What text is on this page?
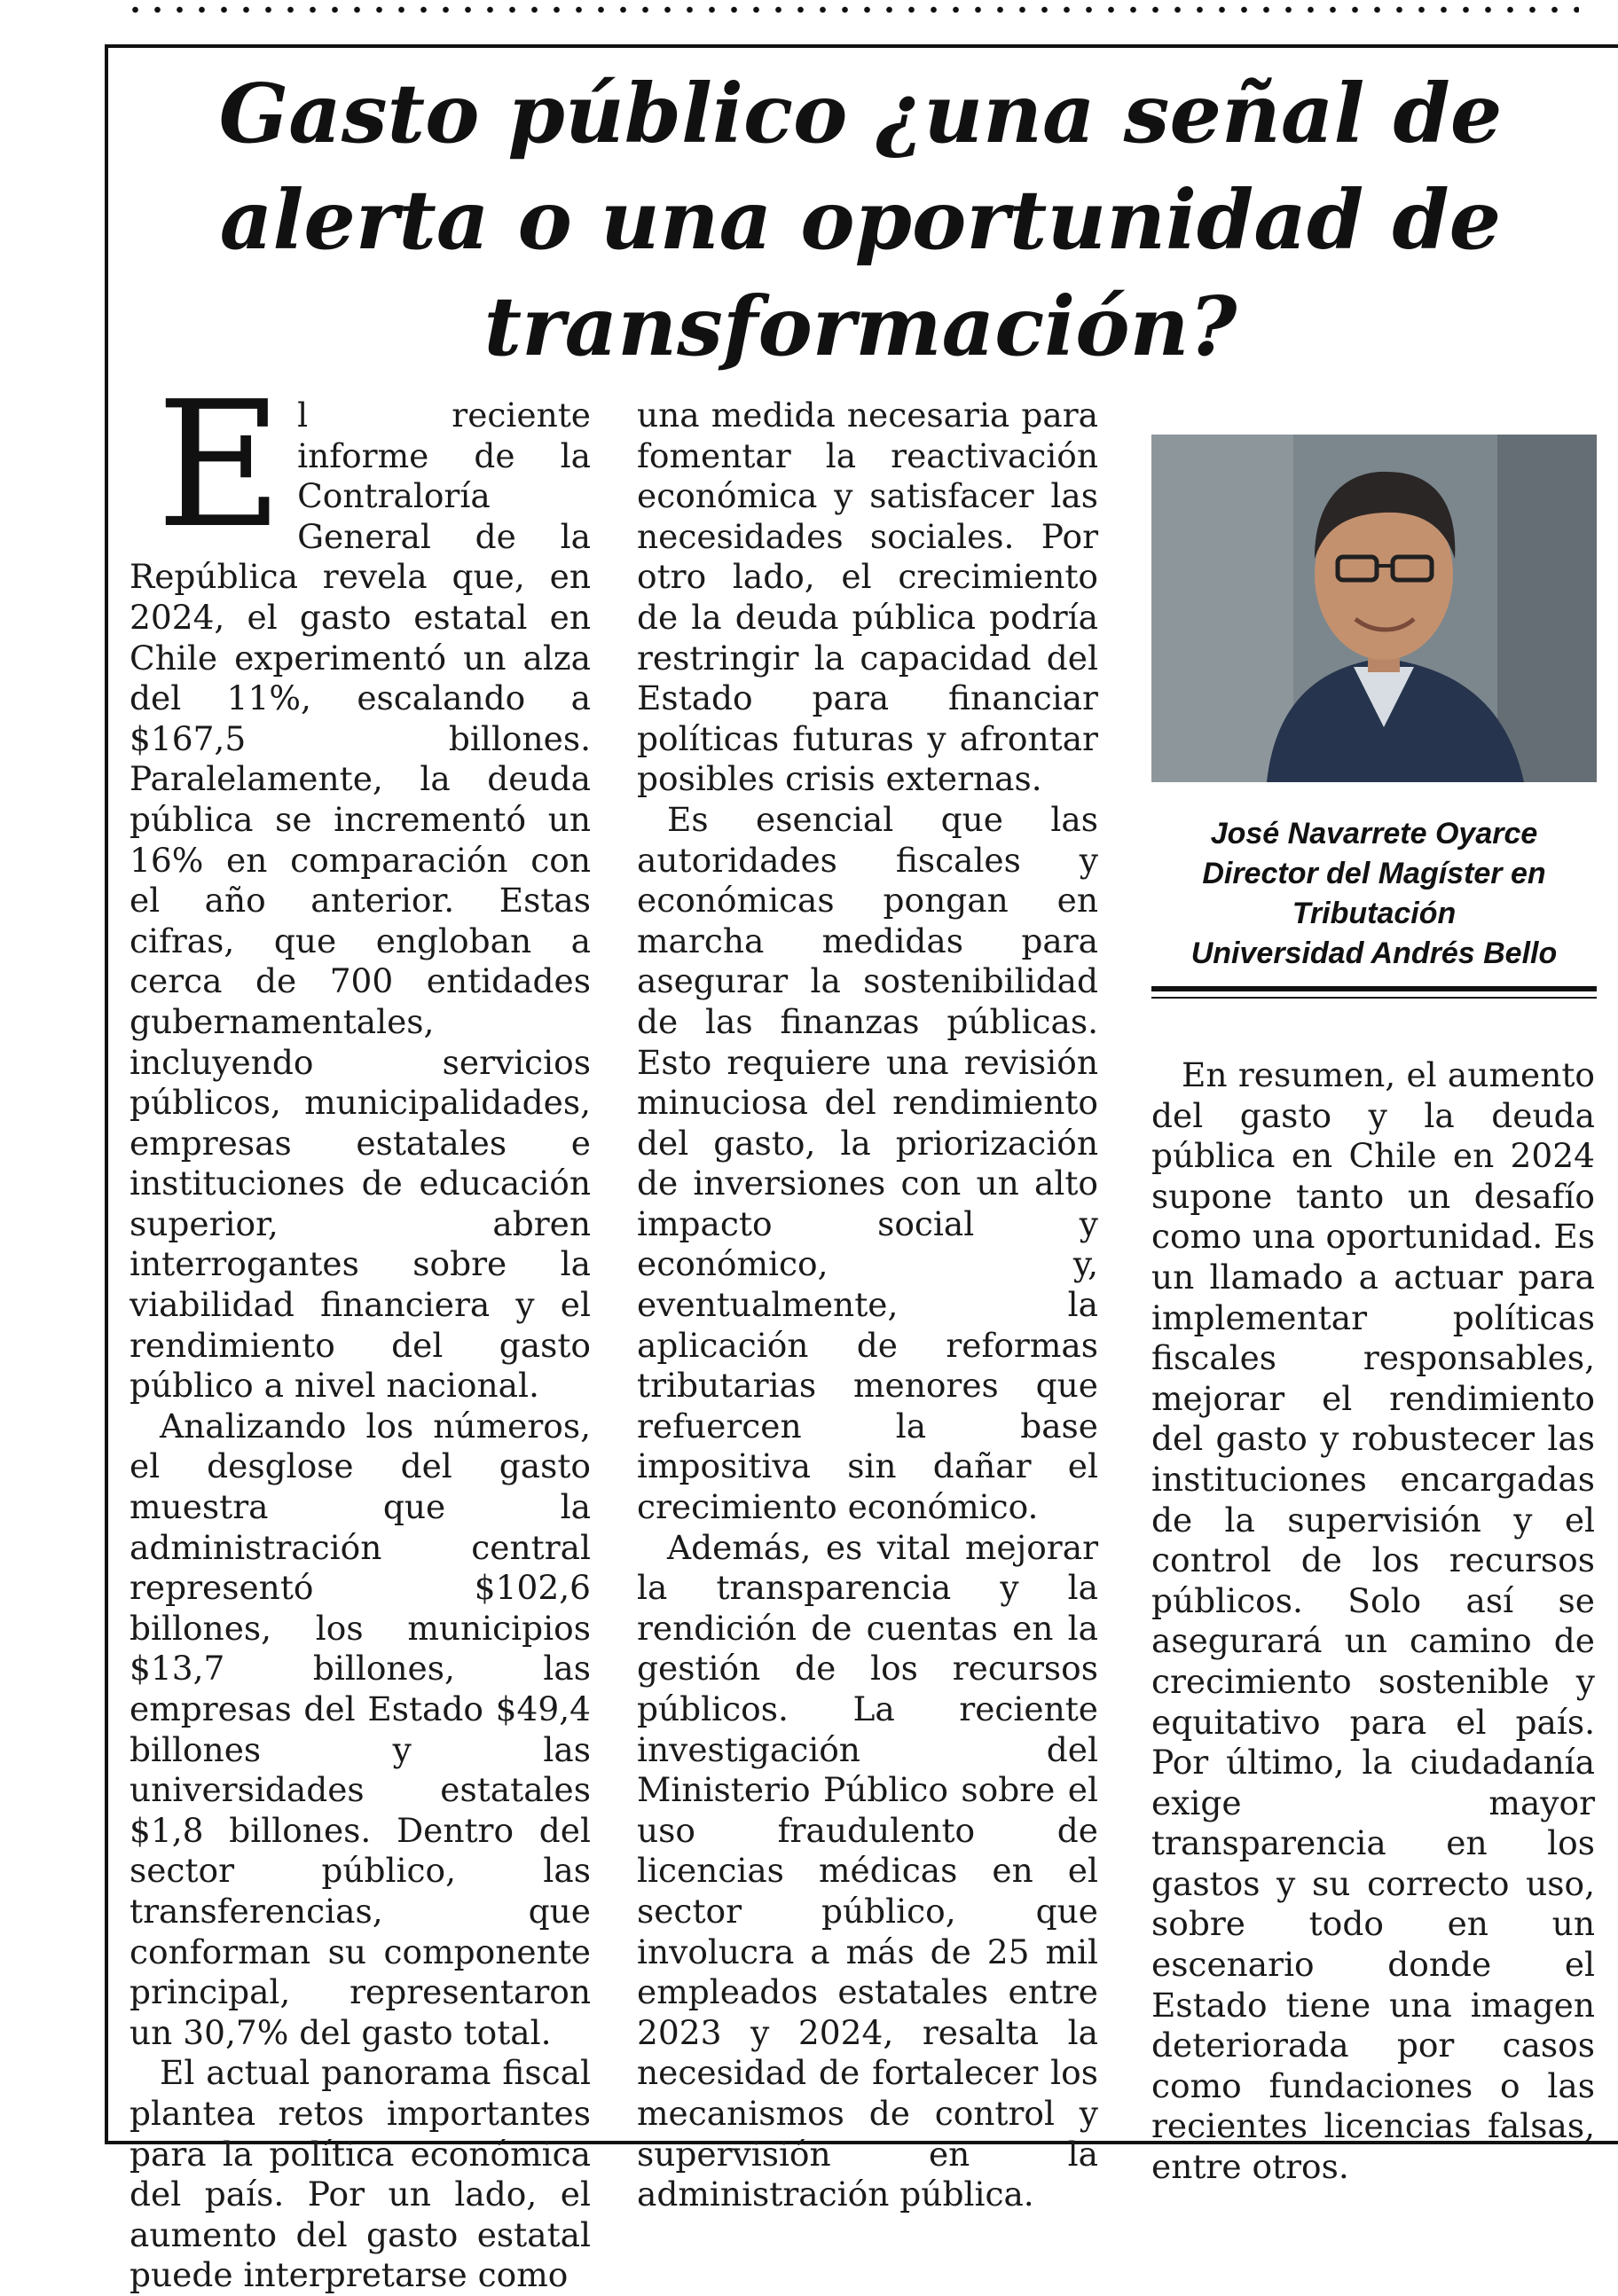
Gasto público ¿una señal de alerta o una oportunidad de transformación?

El reciente informe de la Contraloría General de la República revela que, en 2024, el gasto estatal en Chile experimentó un alza del 11%, escalando a $167,5 billones. Paralelamente, la deuda pública se incrementó un 16% en comparación con el año anterior. Estas cifras, que engloban a cerca de 700 entidades gubernamentales, incluyendo servicios públicos, municipalidades, empresas estatales e instituciones de educación superior, abren interrogantes sobre la viabilidad financiera y el rendimiento del gasto público a nivel nacional.

Analizando los números, el desglose del gasto muestra que la administración central representó $102,6 billones, los municipios $13,7 billones, las empresas del Estado $49,4 billones y las universidades estatales $1,8 billones. Dentro del sector público, las transferencias, que conforman su componente principal, representaron un 30,7% del gasto total.

El actual panorama fiscal plantea retos importantes para la política económica del país. Por un lado, el aumento del gasto estatal puede interpretarse como

una medida necesaria para fomentar la reactivación económica y satisfacer las necesidades sociales. Por otro lado, el crecimiento de la deuda pública podría restringir la capacidad del Estado para financiar políticas futuras y afrontar posibles crisis externas.

Es esencial que las autoridades fiscales y económicas pongan en marcha medidas para asegurar la sostenibilidad de las finanzas públicas. Esto requiere una revisión minuciosa del rendimiento del gasto, la priorización de inversiones con un alto impacto social y económico, y, eventualmente, la aplicación de reformas tributarias menores que refuercen la base impositiva sin dañar el crecimiento económico.

Además, es vital mejorar la transparencia y la rendición de cuentas en la gestión de los recursos públicos. La reciente investigación del Ministerio Público sobre el uso fraudulento de licencias médicas en el sector público, que involucra a más de 25 mil empleados estatales entre 2023 y 2024, resalta la necesidad de fortalecer los mecanismos de control y supervisión en la administración pública.

José Navarrete Oyarce
Director del Magíster en
Tributación
Universidad Andrés Bello

En resumen, el aumento del gasto y la deuda pública en Chile en 2024 supone tanto un desafío como una oportunidad. Es un llamado a actuar para implementar políticas fiscales responsables, mejorar el rendimiento del gasto y robustecer las instituciones encargadas de la supervisión y el control de los recursos públicos. Solo así se asegurará un camino de crecimiento sostenible y equitativo para el país. Por último, la ciudadanía exige mayor transparencia en los gastos y su correcto uso, sobre todo en un escenario donde el Estado tiene una imagen deteriorada por casos como fundaciones o las recientes licencias falsas, entre otros.
